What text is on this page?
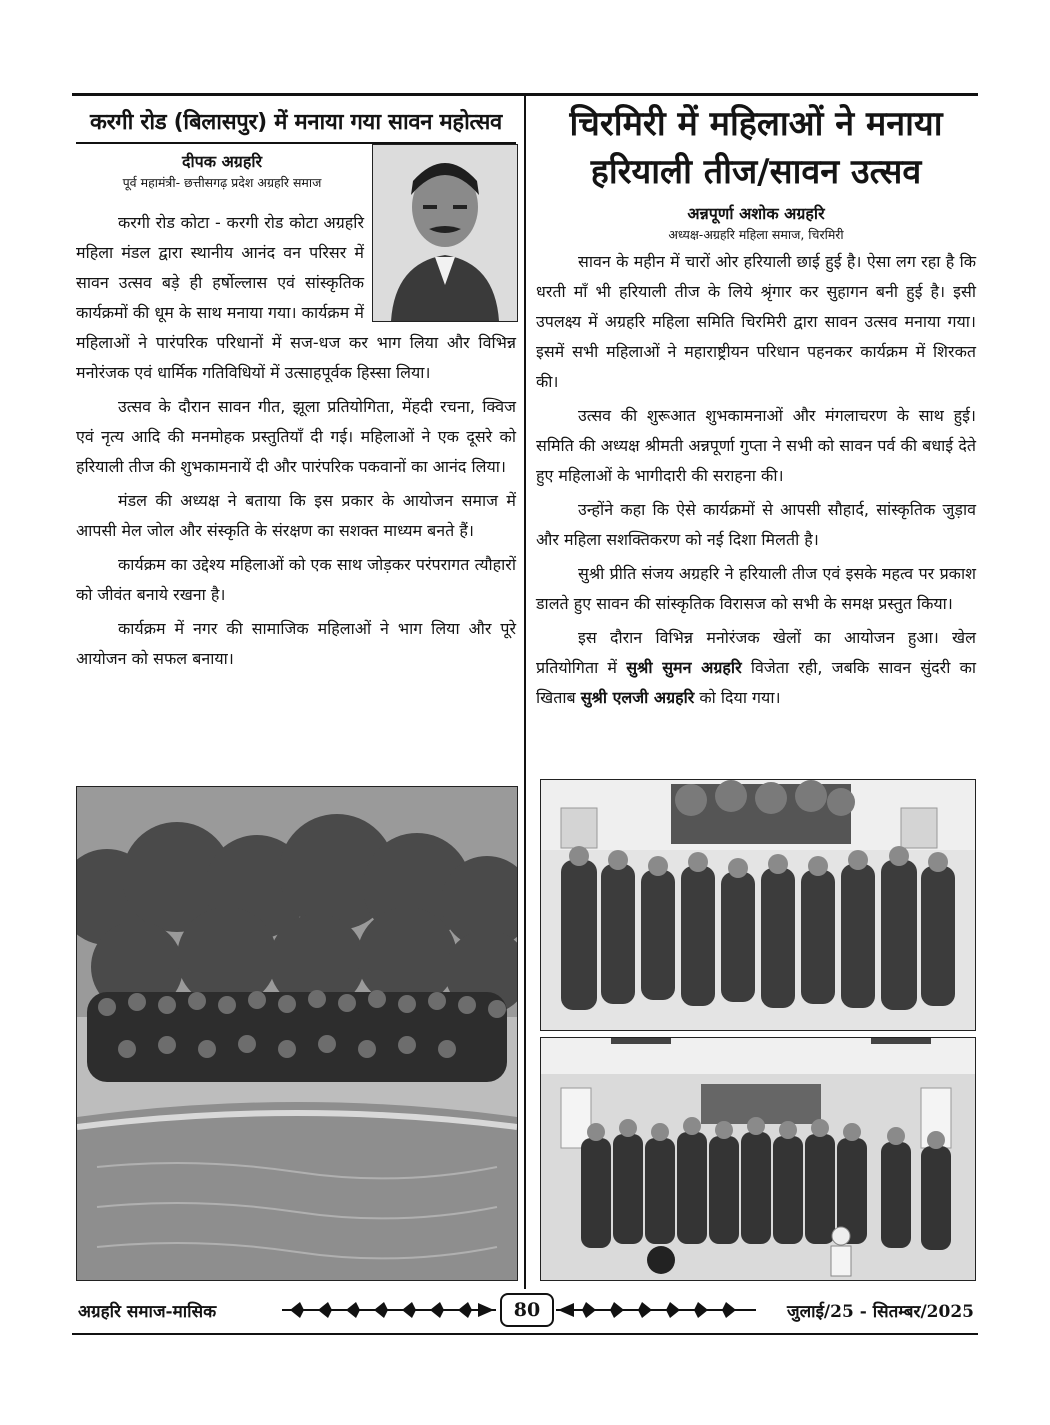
करगी रोड (बिलासपुर) में मनाया गया सावन महोत्सव

दीपक अग्रहरि

पूर्व महामंत्री- छत्तीसगढ़ प्रदेश अग्रहरि समाज

करगी रोड कोटा - करगी रोड कोटा अग्रहरि महिला मंडल द्वारा स्थानीय आनंद वन परिसर में सावन उत्सव बड़े ही हर्षोल्लास एवं सांस्कृतिक कार्यक्रमों की धूम के साथ मनाया गया। कार्यक्रम में महिलाओं ने पारंपरिक परिधानों में सज-धज कर भाग लिया और विभिन्न मनोरंजक एवं धार्मिक गतिविधियों में उत्साहपूर्वक हिस्सा लिया।

उत्सव के दौरान सावन गीत, झूला प्रतियोगिता, मेंहदी रचना, क्विज एवं नृत्य आदि की मनमोहक प्रस्तुतियाँ दी गई। महिलाओं ने एक दूसरे को हरियाली तीज की शुभकामनायें दी और पारंपरिक पकवानों का आनंद लिया।

मंडल की अध्यक्ष ने बताया कि इस प्रकार के आयोजन समाज में आपसी मेल जोल और संस्कृति के संरक्षण का सशक्त माध्यम बनते हैं।

कार्यक्रम का उद्देश्य महिलाओं को एक साथ जोड़कर परंपरागत त्यौहारों को जीवंत बनाये रखना है।

कार्यक्रम में नगर की सामाजिक महिलाओं ने भाग लिया और पूरे आयोजन को सफल बनाया।

चिरमिरी में महिलाओं ने मनाया
हरियाली तीज/सावन उत्सव

अन्नपूर्णा अशोक अग्रहरि

अध्यक्ष-अग्रहरि महिला समाज, चिरमिरी

सावन के महीन में चारों ओर हरियाली छाई हुई है। ऐसा लग रहा है कि धरती माँ भी हरियाली तीज के लिये श्रृंगार कर सुहागन बनी हुई है। इसी उपलक्ष्य में अग्रहरि महिला समिति चिरमिरी द्वारा सावन उत्सव मनाया गया। इसमें सभी महिलाओं ने महाराष्ट्रीयन परिधान पहनकर कार्यक्रम में शिरकत की।

उत्सव की शुरूआत शुभकामनाओं और मंगलाचरण के साथ हुई। समिति की अध्यक्ष श्रीमती अन्नपूर्णा गुप्ता ने सभी को सावन पर्व की बधाई देते हुए महिलाओं के भागीदारी की सराहना की।

उन्होंने कहा कि ऐसे कार्यक्रमों से आपसी सौहार्द, सांस्कृतिक जुड़ाव और महिला सशक्तिकरण को नई दिशा मिलती है।

सुश्री प्रीति संजय अग्रहरि ने हरियाली तीज एवं इसके महत्व पर प्रकाश डालते हुए सावन की सांस्कृतिक विरासज को सभी के समक्ष प्रस्तुत किया।

इस दौरान विभिन्न मनोरंजक खेलों का आयोजन हुआ। खेल प्रतियोगिता में सुश्री सुमन अग्रहरि विजेता रही, जबकि सावन सुंदरी का खिताब सुश्री एलजी अग्रहरि को दिया गया।

अग्रहरि समाज-मासिक	80	जुलाई/25 - सितम्बर/2025
